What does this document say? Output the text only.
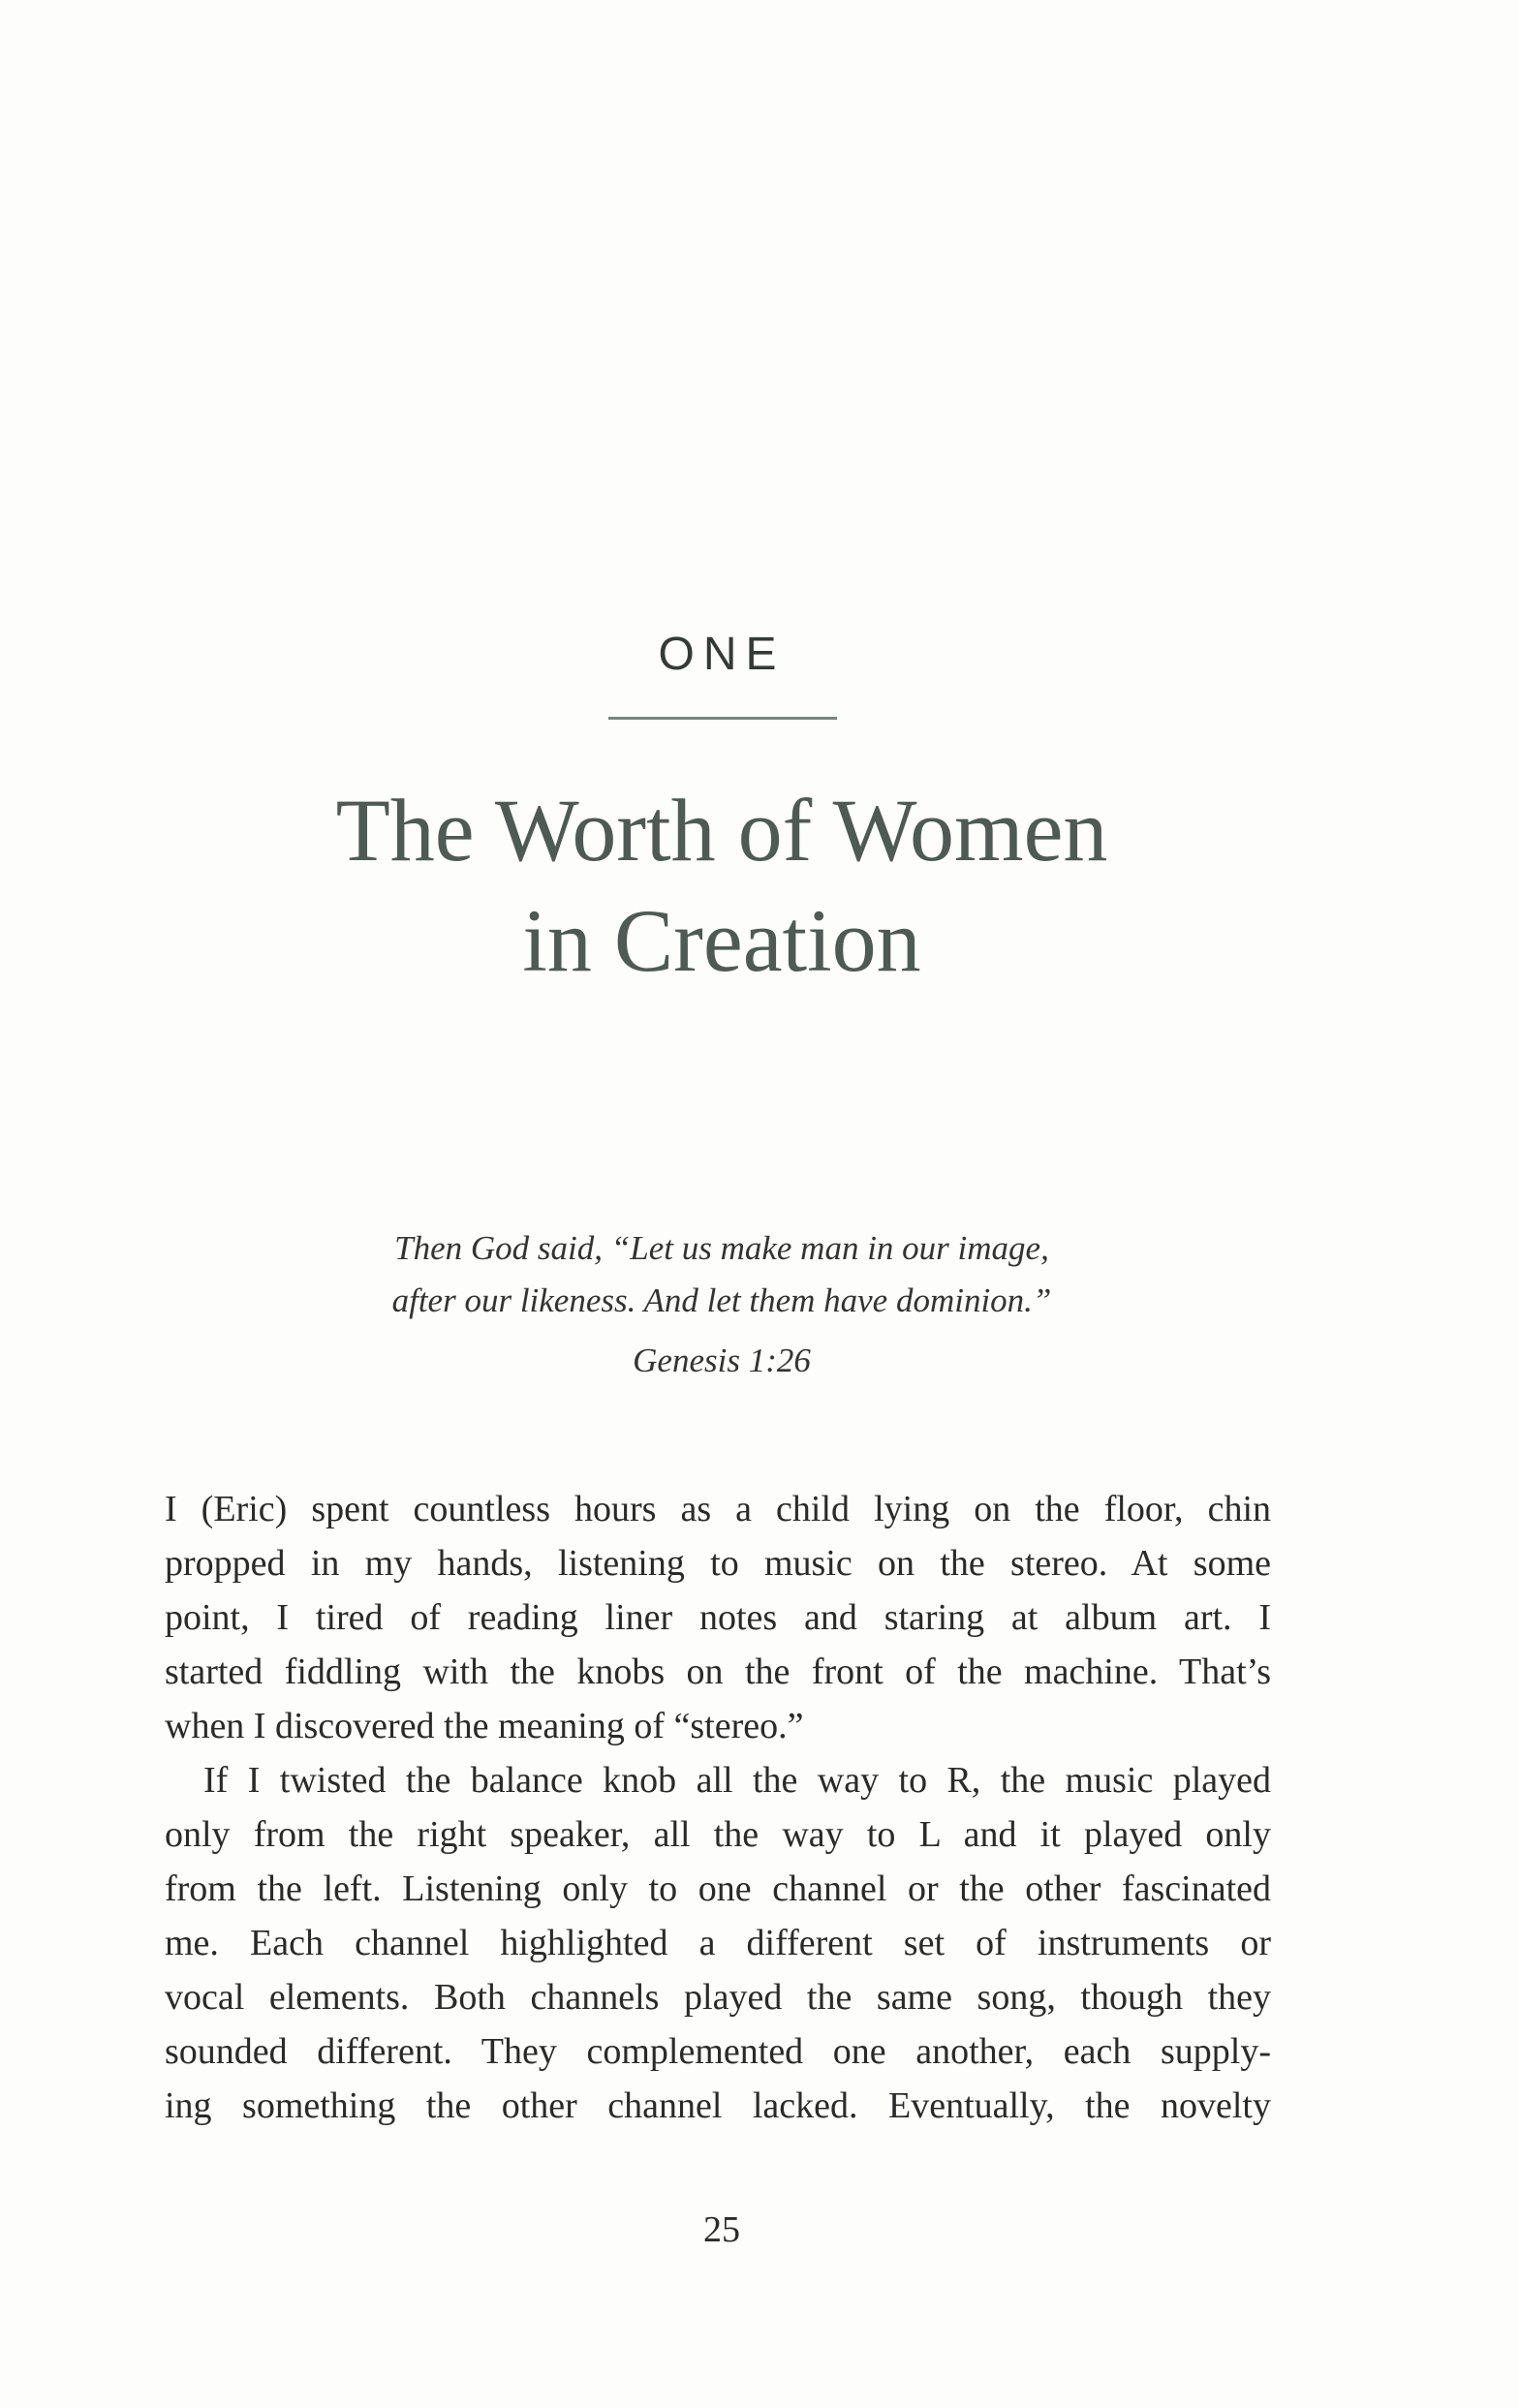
ONE
The Worth of Women
in Creation
Then God said, “Let us make man in our image,
after our likeness. And let them have dominion.”
Genesis 1:26
I (Eric) spent countless hours as a child lying on the floor, chin
propped in my hands, listening to music on the stereo. At some
point, I tired of reading liner notes and staring at album art. I
started fiddling with the knobs on the front of the machine. That’s
when I discovered the meaning of “stereo.”
If I twisted the balance knob all the way to R, the music played
only from the right speaker, all the way to L and it played only
from the left. Listening only to one channel or the other fascinated
me. Each channel highlighted a different set of instruments or
vocal elements. Both channels played the same song, though they
sounded different. They complemented one another, each supply-
ing something the other channel lacked. Eventually, the novelty
25
